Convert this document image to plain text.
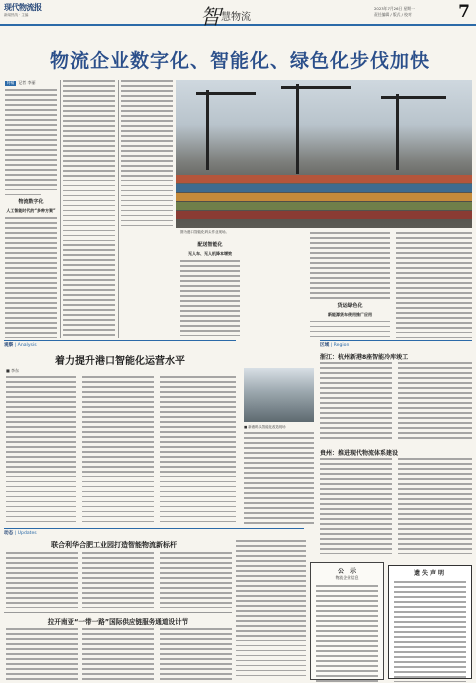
现代物流报
新闻热线 · 主编	智$^{慧物流}$
2023年7月26日 星期一
责任编辑 / 版式 / 校对	7
物流企业数字化、智能化、绿色化步伐加快
特稿 记者 李丽
物流数字化
人工智能时代的“多种方案”
图为港口智能化码头作业现场。
配送智能化
无人车、无人机降本增效
货运绿色化
新能源货车使用推广应用
观察 | Analysis
着力提升港口智能化运营水平
■ 李东
区域 | Region
浙江：杭州新港8座智能冷库竣工
■ 新港码头智能化改造现场
贵州：推进现代物流体系建设
动态 | Updates
联合利华合肥工业园打造智能物流新标杆
拉开南亚“一带一路”国际供应链服务通道设计节
公　示
物流企业信息
遗失声明
